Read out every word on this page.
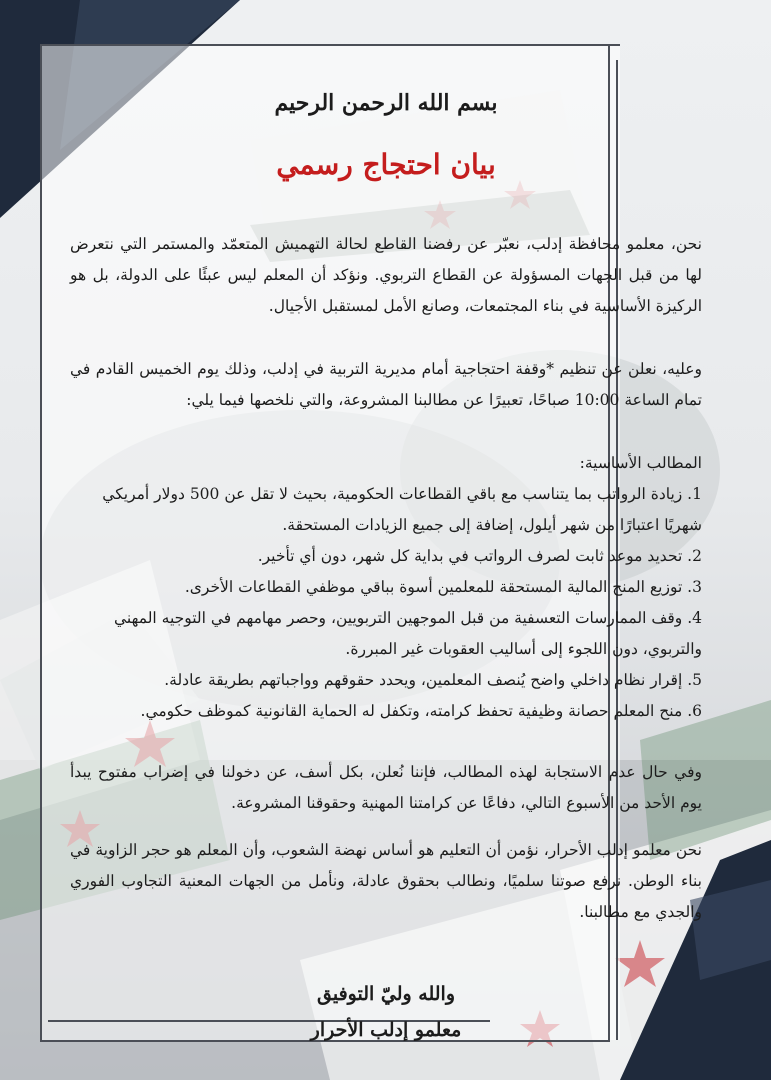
بسم الله الرحمن الرحيم
بيان احتجاج رسمي

نحن، معلمو محافظة إدلب، نعبّر عن رفضنا القاطع لحالة التهميش المتعمّد والمستمر التي نتعرض لها من قبل الجهات المسؤولة عن القطاع التربوي. ونؤكد أن المعلم ليس عبئًا على الدولة، بل هو الركيزة الأساسية في بناء المجتمعات، وصانع الأمل لمستقبل الأجيال.

وعليه، نعلن عن تنظيم *وقفة احتجاجية أمام مديرية التربية في إدلب، وذلك يوم الخميس القادم في تمام الساعة 10:00 صباحًا، تعبيرًا عن مطالبنا المشروعة، والتي نلخصها فيما يلي:

المطالب الأساسية:
1. زيادة الرواتب بما يتناسب مع باقي القطاعات الحكومية، بحيث لا تقل عن 500 دولار أمريكي شهريًا اعتبارًا من شهر أيلول، إضافة إلى جميع الزيادات المستحقة.
2. تحديد موعد ثابت لصرف الرواتب في بداية كل شهر، دون أي تأخير.
3. توزيع المنح المالية المستحقة للمعلمين أسوة بباقي موظفي القطاعات الأخرى.
4. وقف الممارسات التعسفية من قبل الموجهين التربويين، وحصر مهامهم في التوجيه المهني والتربوي، دون اللجوء إلى أساليب العقوبات غير المبررة.
5. إقرار نظام داخلي واضح يُنصف المعلمين، ويحدد حقوقهم وواجباتهم بطريقة عادلة.
6. منح المعلم حصانة وظيفية تحفظ كرامته، وتكفل له الحماية القانونية كموظف حكومي.

وفي حال عدم الاستجابة لهذه المطالب، فإننا نُعلن، بكل أسف، عن دخولنا في إضراب مفتوح يبدأ يوم الأحد من الأسبوع التالي، دفاعًا عن كرامتنا المهنية وحقوقنا المشروعة.

نحن معلمو إدلب الأحرار، نؤمن أن التعليم هو أساس نهضة الشعوب، وأن المعلم هو حجر الزاوية في بناء الوطن. نرفع صوتنا سلميًا، ونطالب بحقوق عادلة، ونأمل من الجهات المعنية التجاوب الفوري والجدي مع مطالبنا.

والله وليّ التوفيق
معلمو إدلب الأحرار
